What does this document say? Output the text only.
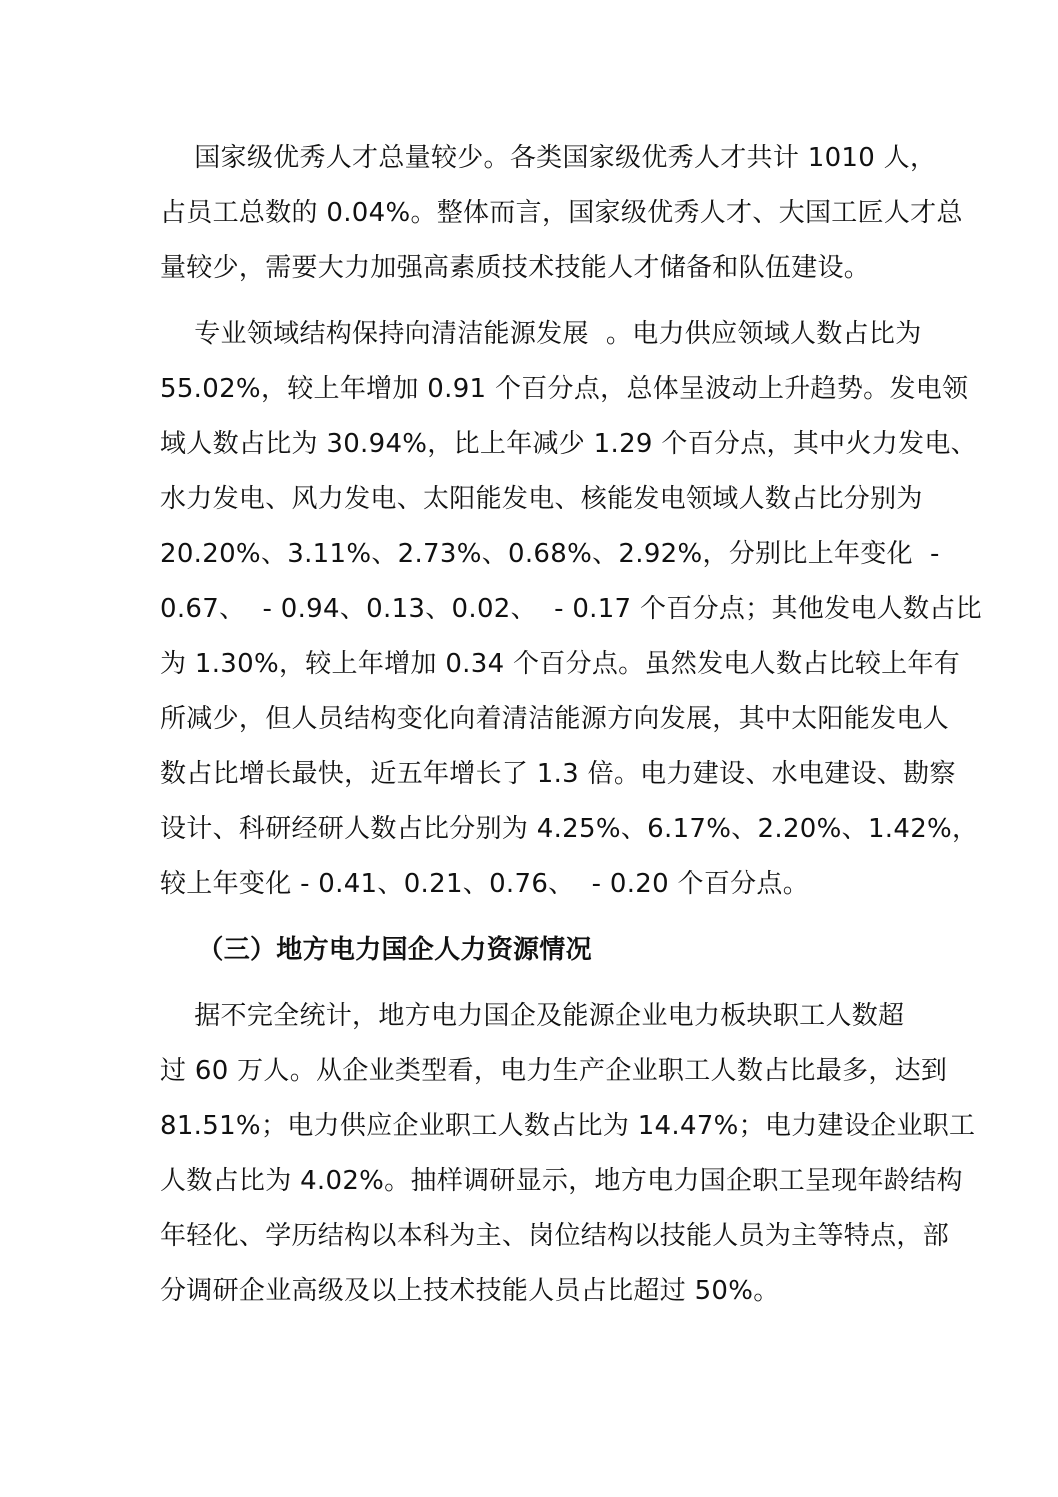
国家级优秀人才总量较少。各类国家级优秀人才共计 1010 人，
占员工总数的 0.04%。整体而言，国家级优秀人才、大国工匠人才总
量较少，需要大力加强高素质技术技能人才储备和队伍建设。
专业领域结构保持向清洁能源发展  。电力供应领域人数占比为
55.02%，较上年增加 0.91 个百分点，总体呈波动上升趋势。发电领
域人数占比为 30.94%，比上年减少 1.29 个百分点，其中火力发电、
水力发电、风力发电、太阳能发电、核能发电领域人数占比分别为
20.20%、3.11%、2.73%、0.68%、2.92%，分别比上年变化  -
0.67、  - 0.94、0.13、0.02、  - 0.17 个百分点；其他发电人数占比
为 1.30%，较上年增加 0.34 个百分点。虽然发电人数占比较上年有
所减少，但人员结构变化向着清洁能源方向发展，其中太阳能发电人
数占比增长最快，近五年增长了 1.3 倍。电力建设、水电建设、勘察
设计、科研经研人数占比分别为 4.25%、6.17%、2.20%、1.42%，
较上年变化 - 0.41、0.21、0.76、  - 0.20 个百分点。
（三）地方电力国企人力资源情况
据不完全统计，地方电力国企及能源企业电力板块职工人数超
过 60 万人。从企业类型看，电力生产企业职工人数占比最多，达到
81.51%；电力供应企业职工人数占比为 14.47%；电力建设企业职工
人数占比为 4.02%。抽样调研显示，地方电力国企职工呈现年龄结构
年轻化、学历结构以本科为主、岗位结构以技能人员为主等特点，部
分调研企业高级及以上技术技能人员占比超过 50%。
